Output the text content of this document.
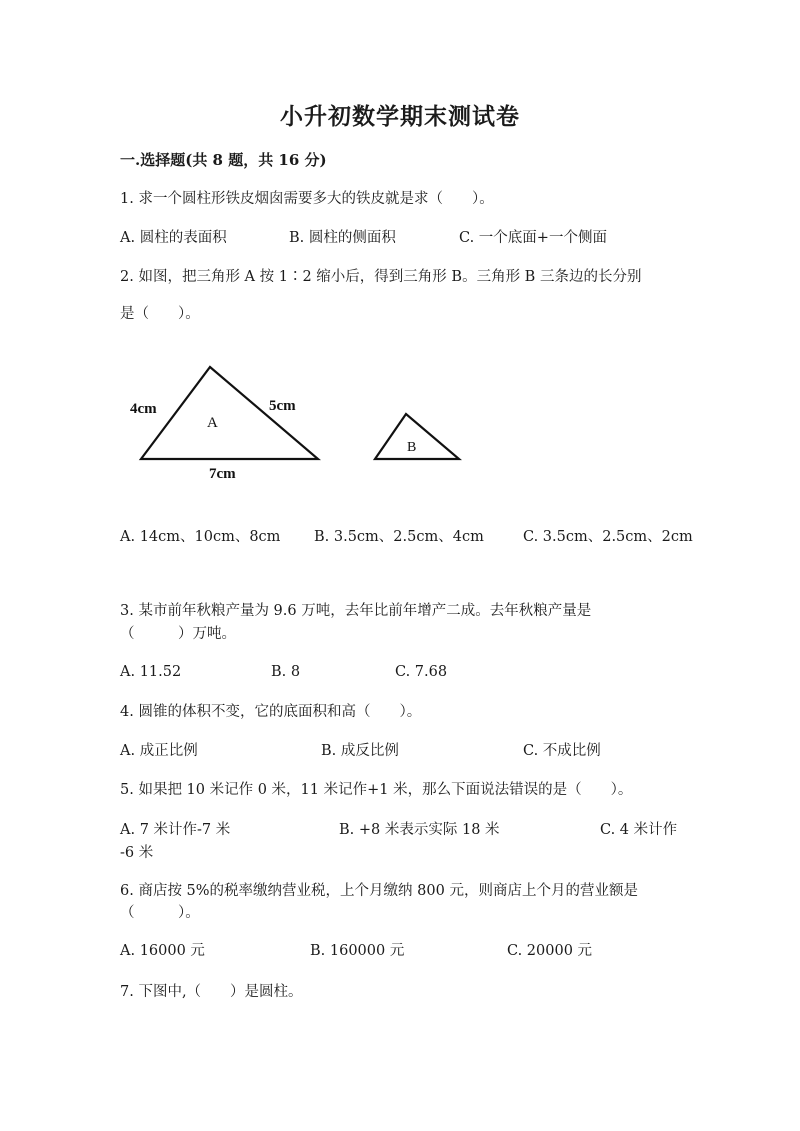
小升初数学期末测试卷
一.选择题(共 8 题，共 16 分)
1. 求一个圆柱形铁皮烟囱需要多大的铁皮就是求（　　）。
A. 圆柱的表面积	B. 圆柱的侧面积	C. 一个底面+一个侧面
2. 如图，把三角形 A 按 1∶2 缩小后，得到三角形 B。三角形 B 三条边的长分别
是（　　）。
4cm	5cm
7cm
A
B
A. 14cm、10cm、8cm B. 3.5cm、2.5cm、4cm	C. 3.5cm、2.5cm、2cm
3. 某市前年秋粮产量为 9.6 万吨，去年比前年增产二成。去年秋粮产量是
（　　　）万吨。
A. 11.52	B. 8	C. 7.68
4. 圆锥的体积不变，它的底面积和高（　　）。
A. 成正比例	B. 成反比例	C. 不成比例
5. 如果把 10 米记作 0 米，11 米记作+1 米，那么下面说法错误的是（　　）。
A. 7 米计作-7 米	B. +8 米表示实际 18 米	C. 4 米计作
-6 米
6. 商店按 5%的税率缴纳营业税，上个月缴纳 800 元，则商店上个月的营业额是
（　　　）。
A. 16000 元	B. 160000 元	C. 20000 元
7. 下图中,（　　）是圆柱。
